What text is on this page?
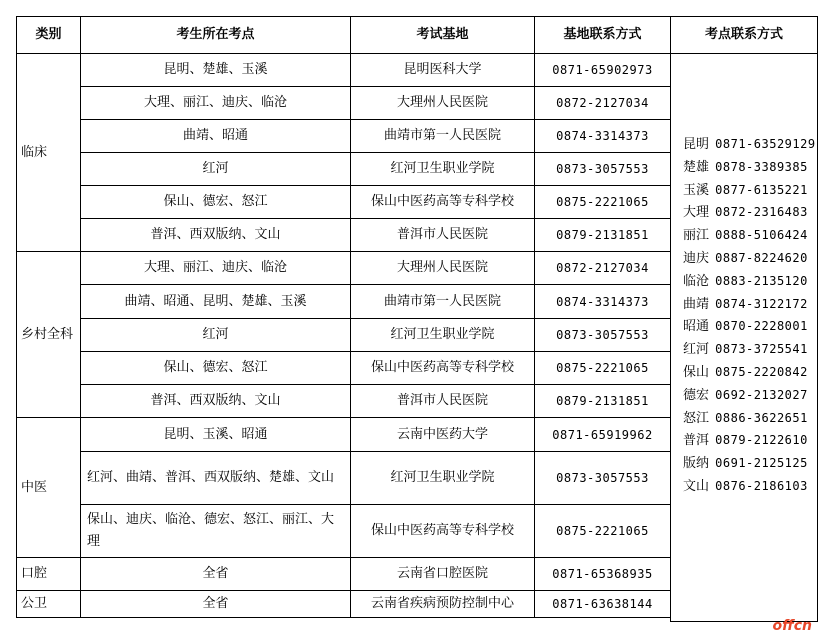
类别	考生所在考点	考试基地	基地联系方式
临床	昆明、楚雄、玉溪	昆明医科大学	0871-65902973
	大理、丽江、迪庆、临沧	大理州人民医院	0872-2127034
	曲靖、昭通	曲靖市第一人民医院	0874-3314373
	红河	红河卫生职业学院	0873-3057553
	保山、德宏、怒江	保山中医药高等专科学校	0875-2221065
	普洱、西双版纳、文山	普洱市人民医院	0879-2131851
乡村全科	大理、丽江、迪庆、临沧	大理州人民医院	0872-2127034
	曲靖、昭通、昆明、楚雄、玉溪	曲靖市第一人民医院	0874-3314373
	红河	红河卫生职业学院	0873-3057553
	保山、德宏、怒江	保山中医药高等专科学校	0875-2221065
	普洱、西双版纳、文山	普洱市人民医院	0879-2131851
中医	昆明、玉溪、昭通	云南中医药大学	0871-65919962
	红河、曲靖、普洱、西双版纳、楚雄、文山	红河卫生职业学院	0873-3057553
	保山、迪庆、临沧、德宏、怒江、丽江、大理	保山中医药高等专科学校	0875-2221065
口腔	全省	云南省口腔医院	0871-65368935
公卫	全省	云南省疾病预防控制中心	0871-63638144
考点联系方式
昆明 0871-63529129
楚雄 0878-3389385
玉溪 0877-6135221
大理 0872-2316483
丽江 0888-5106424
迪庆 0887-8224620
临沧 0883-2135120
曲靖 0874-3122172
昭通 0870-2228001
红河 0873-3725541
保山 0875-2220842
德宏 0692-2132027
怒江 0886-3622651
普洱 0879-2122610
版纳 0691-2125125
文山 0876-2186103
offcn
